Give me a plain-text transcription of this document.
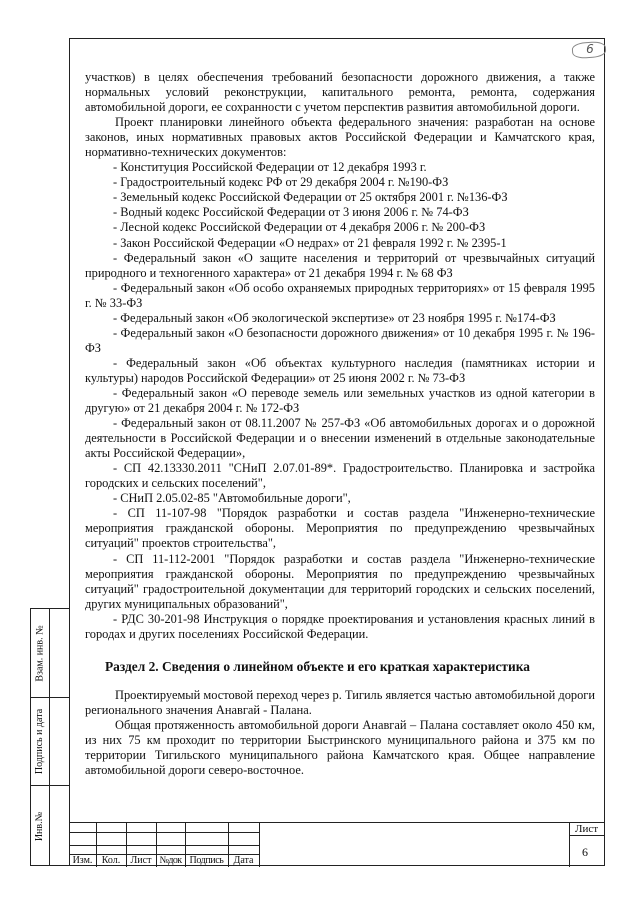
6

участков) в целях обеспечения требований безопасности дорожного движения, а также нормальных условий реконструкции, капитального ремонта, ремонта, содержания автомобильной дороги, ее сохранности с учетом перспектив развития автомобильной дороги.

Проект планировки линейного объекта федерального значения: разработан на основе законов, иных нормативных правовых актов Российской Федерации и Камчатского края, нормативно-технических документов:

- Конституция Российской Федерации от 12 декабря 1993 г.

- Градостроительный кодекс РФ от 29 декабря 2004 г. №190-ФЗ

- Земельный кодекс Российской Федерации от 25 октября 2001 г. №136-ФЗ

- Водный кодекс Российской Федерации от 3 июня 2006 г. № 74-ФЗ

- Лесной кодекс Российской Федерации от 4 декабря 2006 г. № 200-ФЗ

- Закон Российской Федерации «О недрах» от 21 февраля 1992 г. № 2395-1

- Федеральный закон «О защите населения и территорий от чрезвычайных ситуаций природного и техногенного характера» от 21 декабря 1994 г. № 68 ФЗ

- Федеральный закон «Об особо охраняемых природных территориях» от 15 февраля 1995 г. № 33-ФЗ

- Федеральный закон «Об экологической экспертизе» от 23 ноября 1995 г. №174-ФЗ

- Федеральный закон «О безопасности дорожного движения» от 10 декабря 1995 г. № 196-ФЗ

- Федеральный закон «Об объектах культурного наследия (памятниках истории и культуры) народов Российской Федерации» от 25 июня 2002 г. № 73-ФЗ

- Федеральный закон «О переводе земель или земельных участков из одной категории в другую» от 21 декабря 2004 г. № 172-ФЗ

- Федеральный закон от 08.11.2007 № 257-ФЗ «Об автомобильных дорогах и о дорожной деятельности в Российской Федерации и о внесении изменений в отдельные законодательные акты Российской Федерации»,

- СП 42.13330.2011 "СНиП 2.07.01-89*. Градостроительство. Планировка и застройка городских и сельских поселений",

- СНиП 2.05.02-85 "Автомобильные дороги",

- СП 11-107-98 "Порядок разработки и состав раздела "Инженерно-технические мероприятия гражданской обороны. Мероприятия по предупреждению чрезвычайных ситуаций" проектов строительства",

- СП 11-112-2001 "Порядок разработки и состав раздела "Инженерно-технические мероприятия гражданской обороны. Мероприятия по предупреждению чрезвычайных ситуаций" градостроительной документации для территорий городских и сельских поселений, других муниципальных образований",

- РДС 30-201-98 Инструкция о порядке проектирования и установления красных линий в городах и других поселениях Российской Федерации.

Раздел 2. Сведения о линейном объекте и его краткая характеристика

Проектируемый мостовой переход через р. Тигиль является частью автомобильной дороги регионального значения Анавгай - Палана.

Общая протяженность автомобильной дороги Анавгай – Палана составляет около 450 км, из них 75 км проходит по территории Быстринского муниципального района и 375 км по территории Тигильского муниципального района Камчатского края. Общее направление автомобильной дороги северо-восточное.

Взам. инв. №
Подпись и дата
Инв.№
Изм. Кол.	Лист №док Подпись	Дата
Лист
6
